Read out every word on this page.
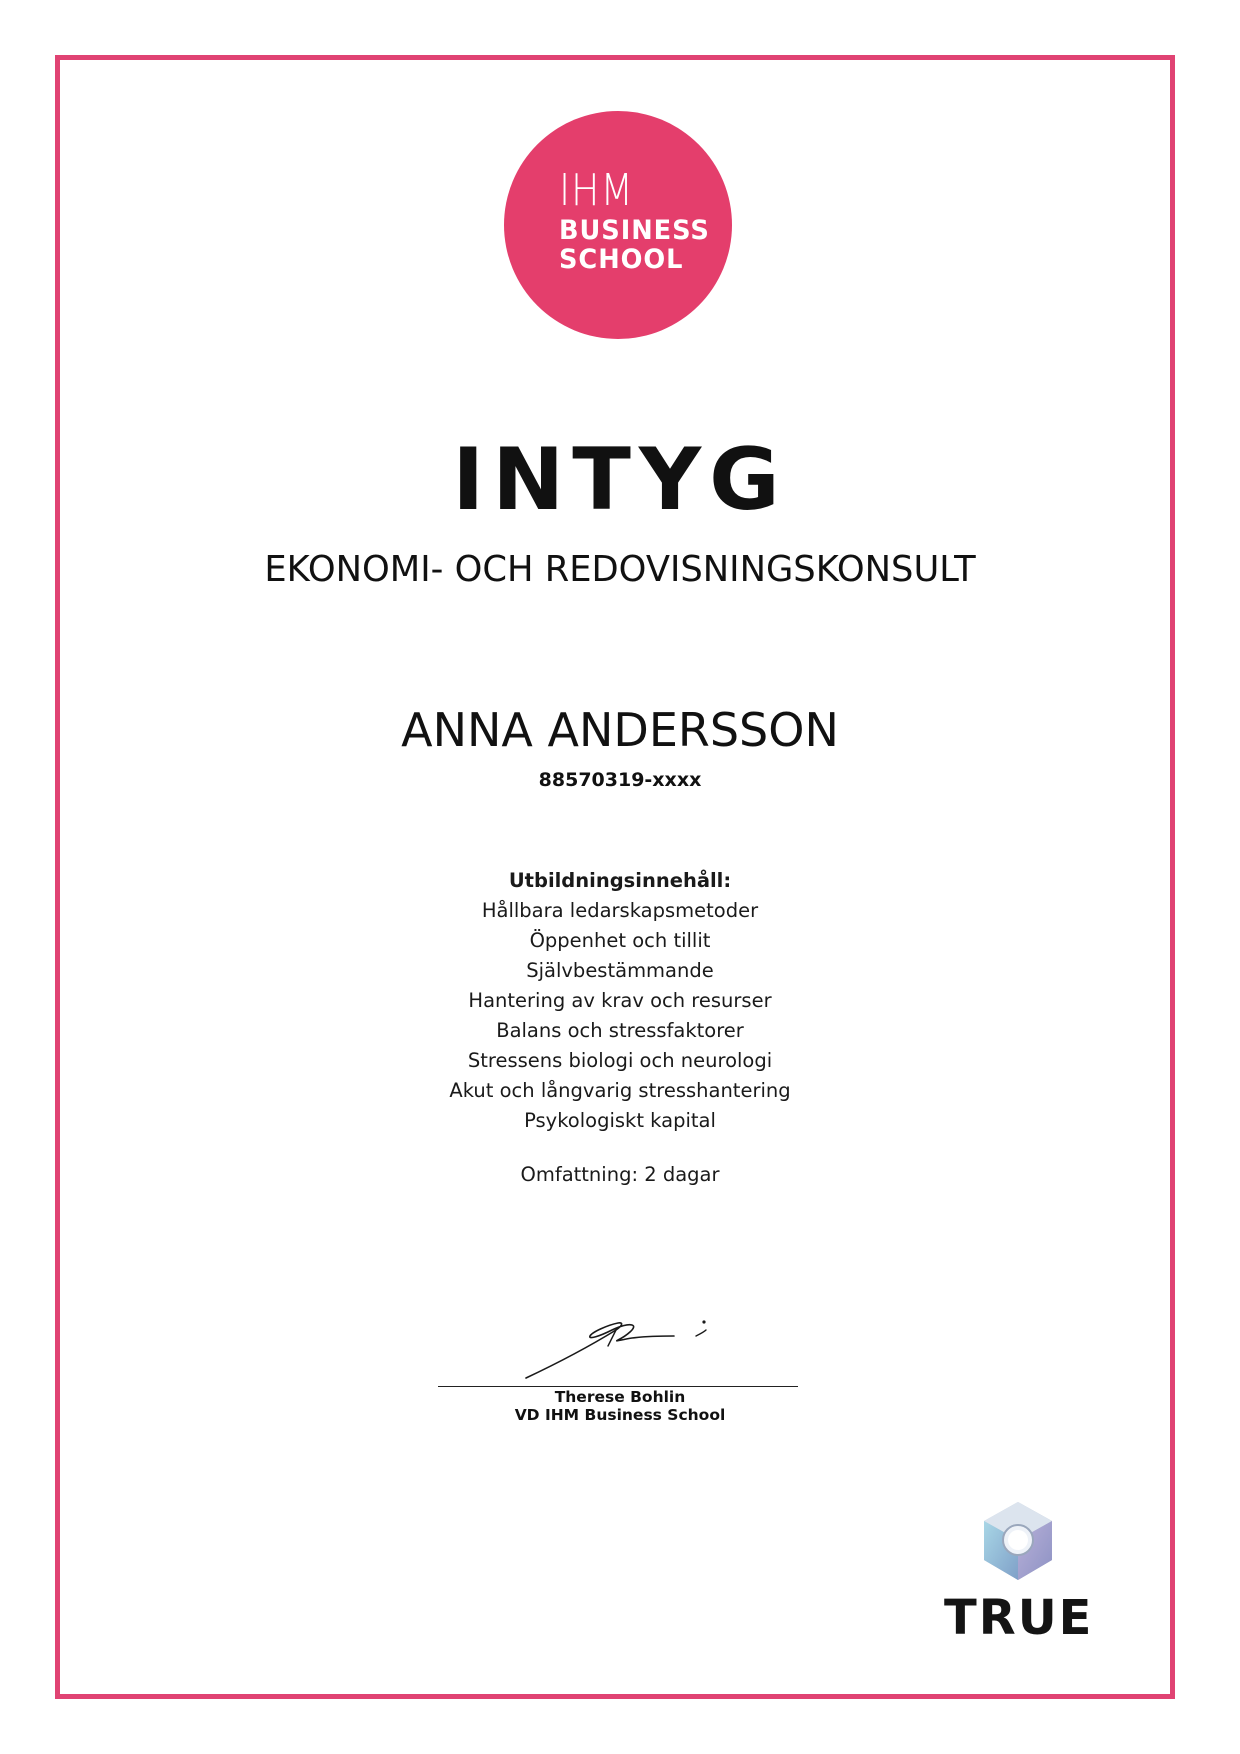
IHM
BUSINESS
SCHOOL
INTYG
EKONOMI- OCH REDOVISNINGSKONSULT
ANNA ANDERSSON
88570319-xxxx
Utbildningsinnehåll:
Hållbara ledarskapsmetoder
Öppenhet och tillit
Självbestämmande
Hantering av krav och resurser
Balans och stressfaktorer
Stressens biologi och neurologi
Akut och långvarig stresshantering
Psykologiskt kapital
Omfattning: 2 dagar
Therese Bohlin
VD IHM Business School
TRUE
